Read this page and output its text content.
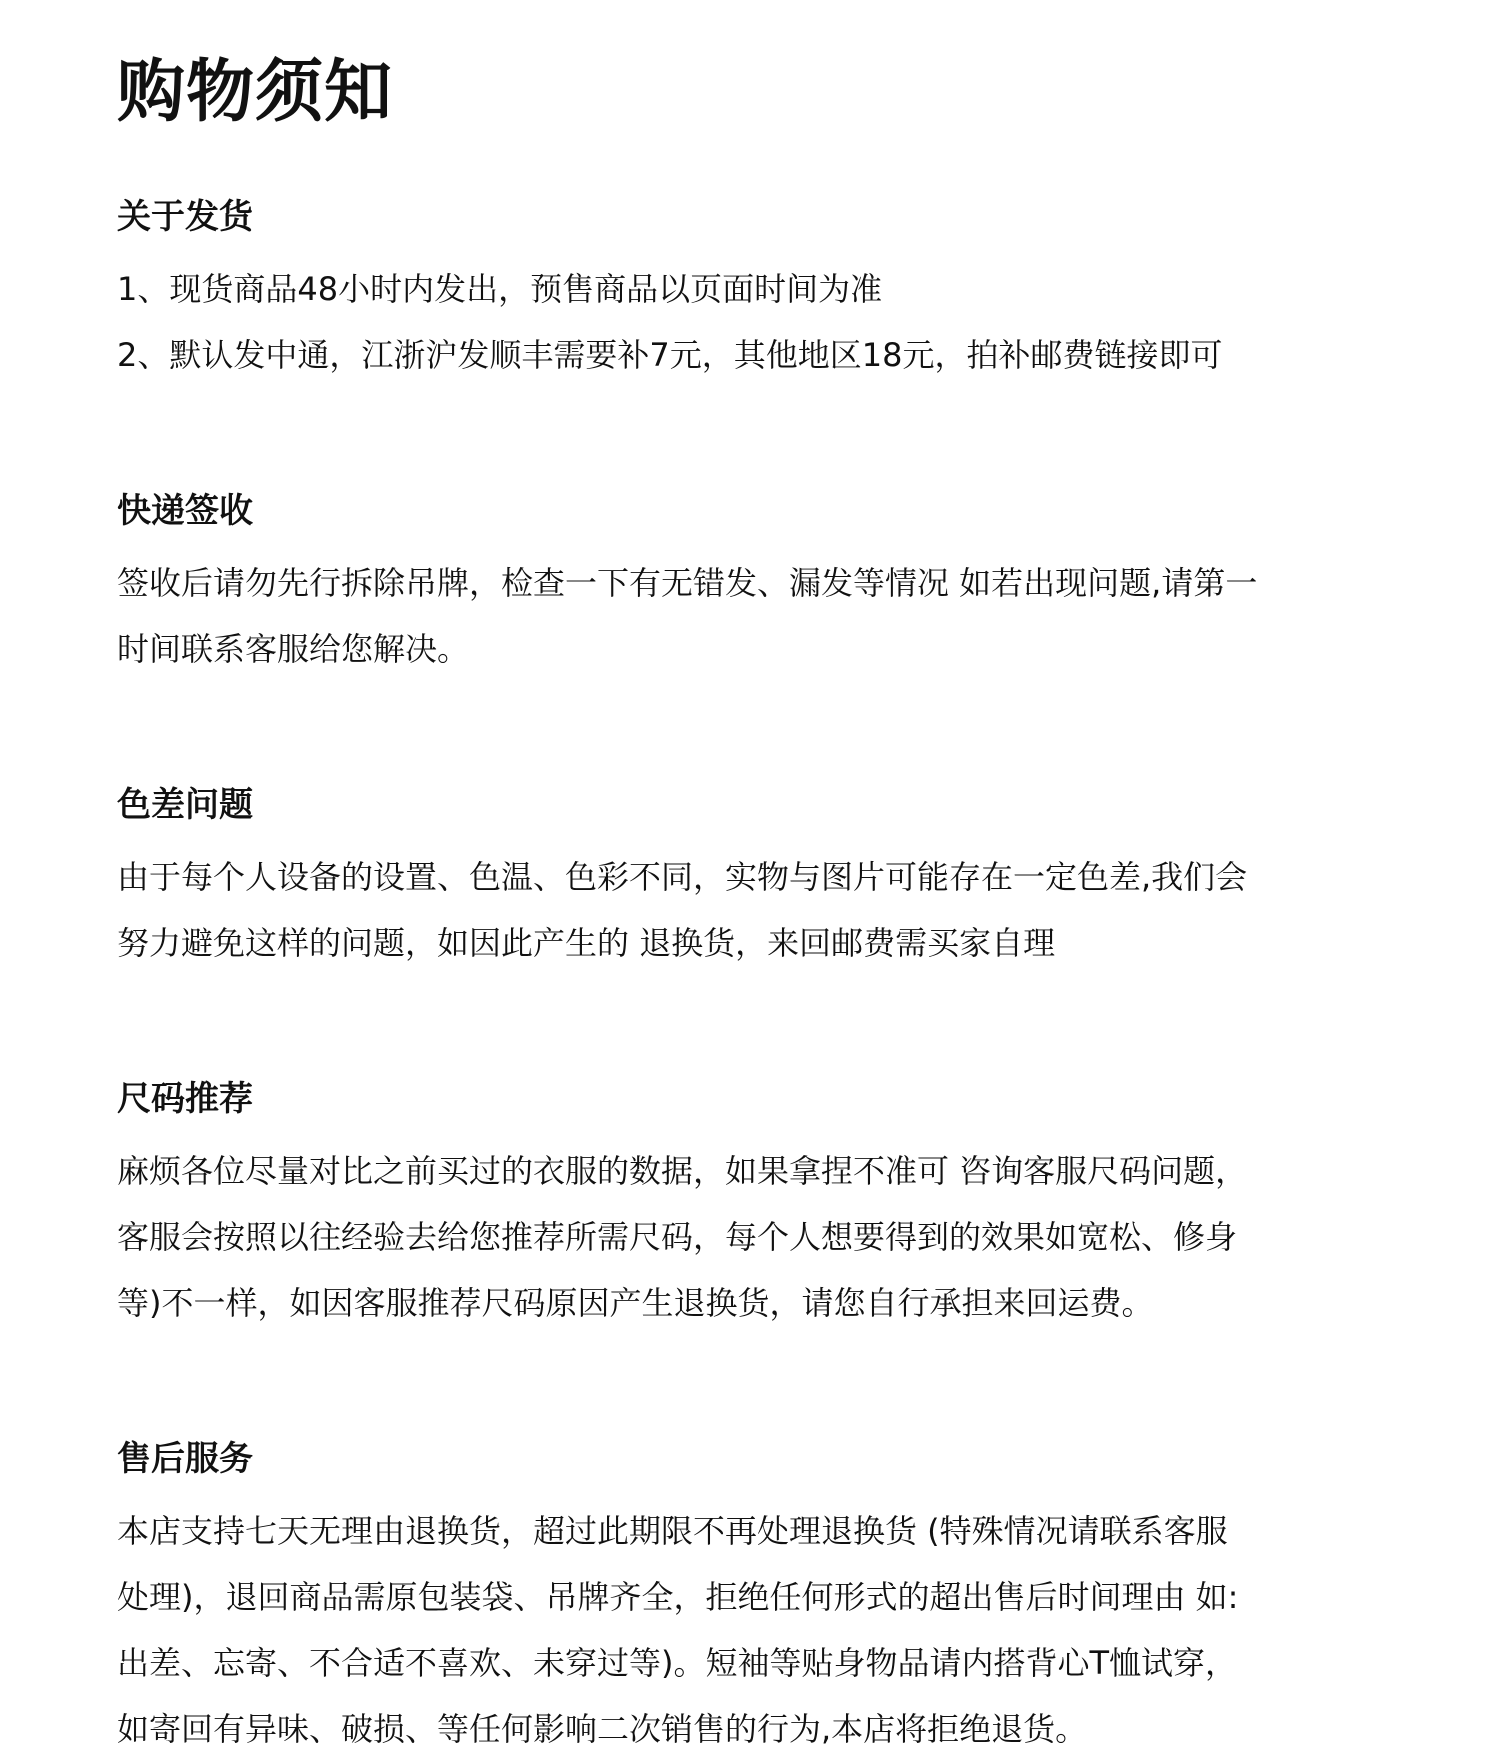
购物须知
关于发货
1、现货商品48小时内发出，预售商品以页面时间为准
2、默认发中通，江浙沪发顺丰需要补7元，其他地区18元，拍补邮费链接即可
快递签收
签收后请勿先行拆除吊牌，检查一下有无错发、漏发等情况 如若出现问题,请第一
时间联系客服给您解决。
色差问题
由于每个人设备的设置、色温、色彩不同，实物与图片可能存在一定色差,我们会
努力避免这样的问题，如因此产生的 退换货，来回邮费需买家自理
尺码推荐
麻烦各位尽量对比之前买过的衣服的数据，如果拿捏不准可 咨询客服尺码问题，
客服会按照以往经验去给您推荐所需尺码，每个人想要得到的效果如宽松、修身
等)不一样，如因客服推荐尺码原因产生退换货，请您自行承担来回运费。
售后服务
本店支持七天无理由退换货，超过此期限不再处理退换货 (特殊情况请联系客服
处理)，退回商品需原包装袋、吊牌齐全，拒绝任何形式的超出售后时间理由 如:
出差、忘寄、不合适不喜欢、未穿过等)。短袖等贴身物品请内搭背心T恤试穿，
如寄回有异味、破损、等任何影响二次销售的行为,本店将拒绝退货。
